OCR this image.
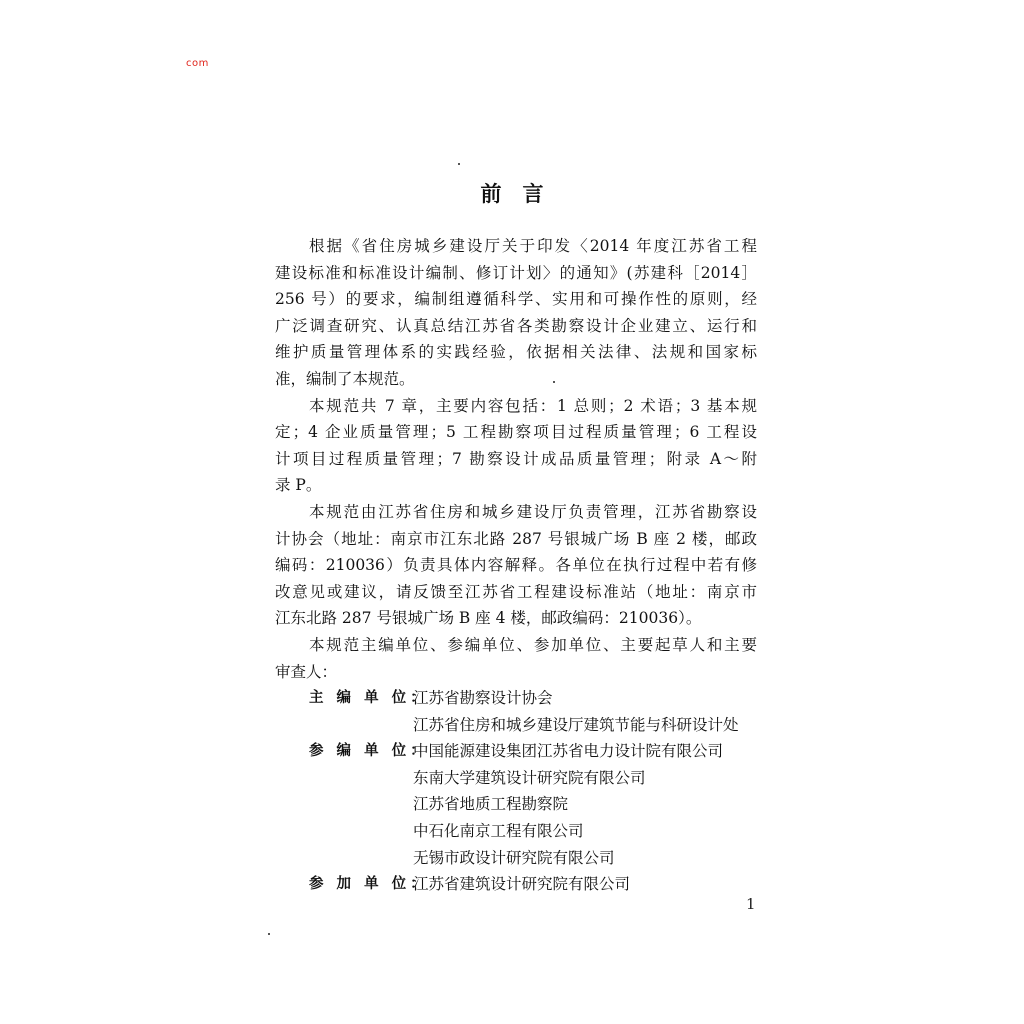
com
前　言
根据《省住房城乡建设厅关于印发〈2014 年度江苏省工程
建设标准和标准设计编制、修订计划〉的通知》(苏建科［2014］
256 号）的要求，编制组遵循科学、实用和可操作性的原则，经
广泛调查研究、认真总结江苏省各类勘察设计企业建立、运行和
维护质量管理体系的实践经验，依据相关法律、法规和国家标
准，编制了本规范。
本规范共 7 章，主要内容包括：1 总则；2 术语；3 基本规
定；4 企业质量管理；5 工程勘察项目过程质量管理；6 工程设
计项目过程质量管理；7 勘察设计成品质量管理；附录 A～附
录 P。
本规范由江苏省住房和城乡建设厅负责管理，江苏省勘察设
计协会（地址：南京市江东北路 287 号银城广场 B 座 2 楼，邮政
编码：210036）负责具体内容解释。各单位在执行过程中若有修
改意见或建议，请反馈至江苏省工程建设标准站（地址：南京市
江东北路 287 号银城广场 B 座 4 楼，邮政编码：210036）。
本规范主编单位、参编单位、参加单位、主要起草人和主要
审查人：
主 编 单 位：
江苏省勘察设计协会
江苏省住房和城乡建设厅建筑节能与科研设计处
参 编 单 位：
中国能源建设集团江苏省电力设计院有限公司
东南大学建筑设计研究院有限公司
江苏省地质工程勘察院
中石化南京工程有限公司
无锡市政设计研究院有限公司
参 加 单 位：
江苏省建筑设计研究院有限公司
1
